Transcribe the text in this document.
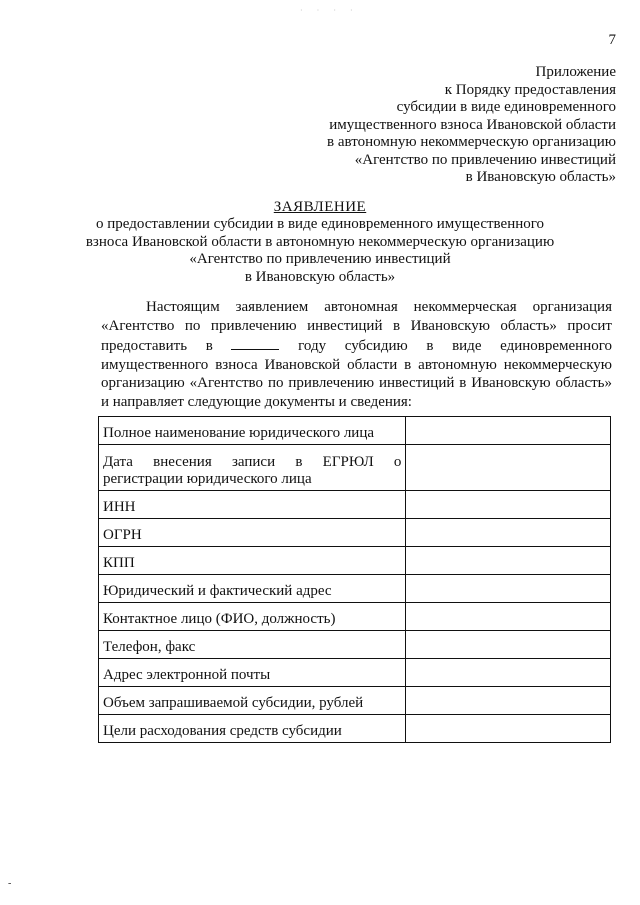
· · · ·
7
Приложение
к Порядку предоставления
субсидии в виде единовременного
имущественного взноса Ивановской области
в автономную некоммерческую организацию
«Агентство по привлечению инвестиций
в Ивановскую область»
ЗАЯВЛЕНИЕ
о предоставлении субсидии в виде единовременного имущественного
взноса Ивановской области в автономную некоммерческую организацию
«Агентство по привлечению инвестиций
в Ивановскую область»

Настоящим заявлением автономная некоммерческая организация «Агентство по привлечению инвестиций в Ивановскую область» просит предоставить в	году субсидию в виде единовременного имущественного взноса Ивановской области в автономную некоммерческую организацию «Агентство по привлечению инвестиций в Ивановскую область» и направляет следующие документы и сведения:

Полное наименование юридического лица	
Дата внесения записи в ЕГРЮЛ о регистрации юридического лица	
ИНН	
ОГРН	
КПП	
Юридический и фактический адрес	
Контактное лицо (ФИО, должность)	
Телефон, факс	
Адрес электронной почты	
Объем запрашиваемой субсидии, рублей	
Цели расходования средств субсидии	
-
